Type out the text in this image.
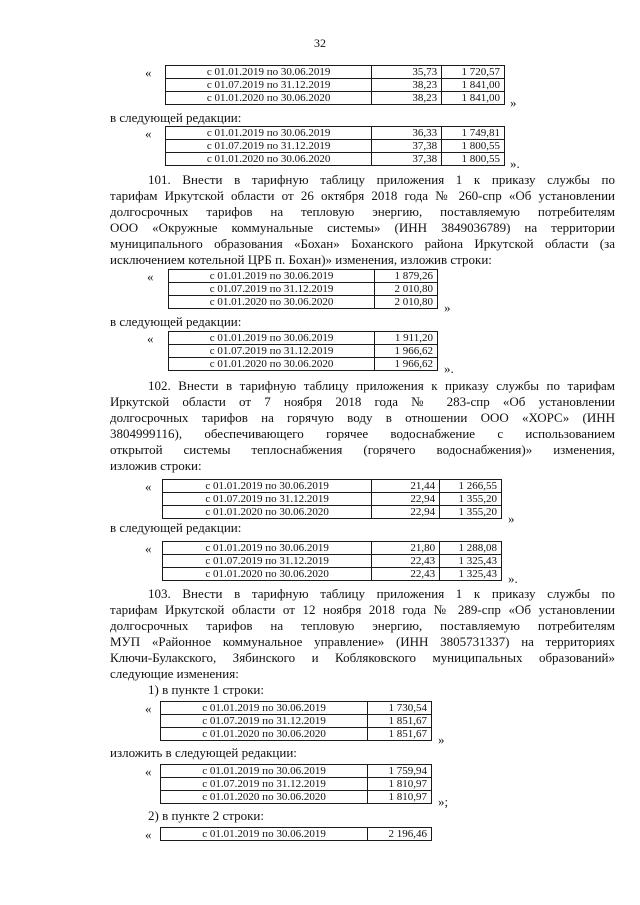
32
«	с 01.01.2019 по 30.06.2019	35,73	1 720,57
с 01.07.2019 по 31.12.2019	38,23	1 841,00
с 01.01.2020 по 30.06.2020	38,23	1 841,00 »
в следующей редакции:
«	с 01.01.2019 по 30.06.2019	36,33	1 749,81
с 01.07.2019 по 31.12.2019	37,38	1 800,55
с 01.01.2020 по 30.06.2020	37,38	1 800,55 ».
101. Внести в тарифную таблицу приложения 1 к приказу службы по
тарифам Иркутской области от 26 октября 2018 года № 260-спр «Об установлении
долгосрочных тарифов на тепловую энергию, поставляемую потребителям
ООО «Окружные коммунальные системы» (ИНН 3849036789) на территории
муниципального образования «Бохан» Боханского района Иркутской области (за
исключением котельной ЦРБ п. Бохан)» изменения, изложив строки:
«	с 01.01.2019 по 30.06.2019	1 879,26
с 01.07.2019 по 31.12.2019	2 010,80
с 01.01.2020 по 30.06.2020	2 010,80 »
в следующей редакции:
«	с 01.01.2019 по 30.06.2019	1 911,20
с 01.07.2019 по 31.12.2019	1 966,62
с 01.01.2020 по 30.06.2020	1 966,62 ».
102. Внести в тарифную таблицу приложения к приказу службы по тарифам
Иркутской области от 7 ноября 2018 года № 283-спр «Об установлении
долгосрочных тарифов на горячую воду в отношении ООО «ХОРС» (ИНН
3804999116), обеспечивающего горячее водоснабжение с использованием
открытой системы теплоснабжения (горячего водоснабжения)» изменения,
изложив строки:
«	с 01.01.2019 по 30.06.2019	21,44	1 266,55
с 01.07.2019 по 31.12.2019	22,94	1 355,20
с 01.01.2020 по 30.06.2020	22,94	1 355,20 »
в следующей редакции:
«	с 01.01.2019 по 30.06.2019	21,80	1 288,08
с 01.07.2019 по 31.12.2019	22,43	1 325,43
с 01.01.2020 по 30.06.2020	22,43	1 325,43 ».
103. Внести в тарифную таблицу приложения 1 к приказу службы по
тарифам Иркутской области от 12 ноября 2018 года № 289-спр «Об установлении
долгосрочных тарифов на тепловую энергию, поставляемую потребителям
МУП «Районное коммунальное управление» (ИНН 3805731337) на территориях
Ключи-Булакского, Зябинского и Кобляковского муниципальных образований»
следующие изменения:
1) в пункте 1 строки:
«	с 01.01.2019 по 30.06.2019	1 730,54
с 01.07.2019 по 31.12.2019	1 851,67
с 01.01.2020 по 30.06.2020	1 851,67 »
изложить в следующей редакции:
«	с 01.01.2019 по 30.06.2019	1 759,94
с 01.07.2019 по 31.12.2019	1 810,97
с 01.01.2020 по 30.06.2020	1 810,97 »;
2) в пункте 2 строки:
«	с 01.01.2019 по 30.06.2019	2 196,46
